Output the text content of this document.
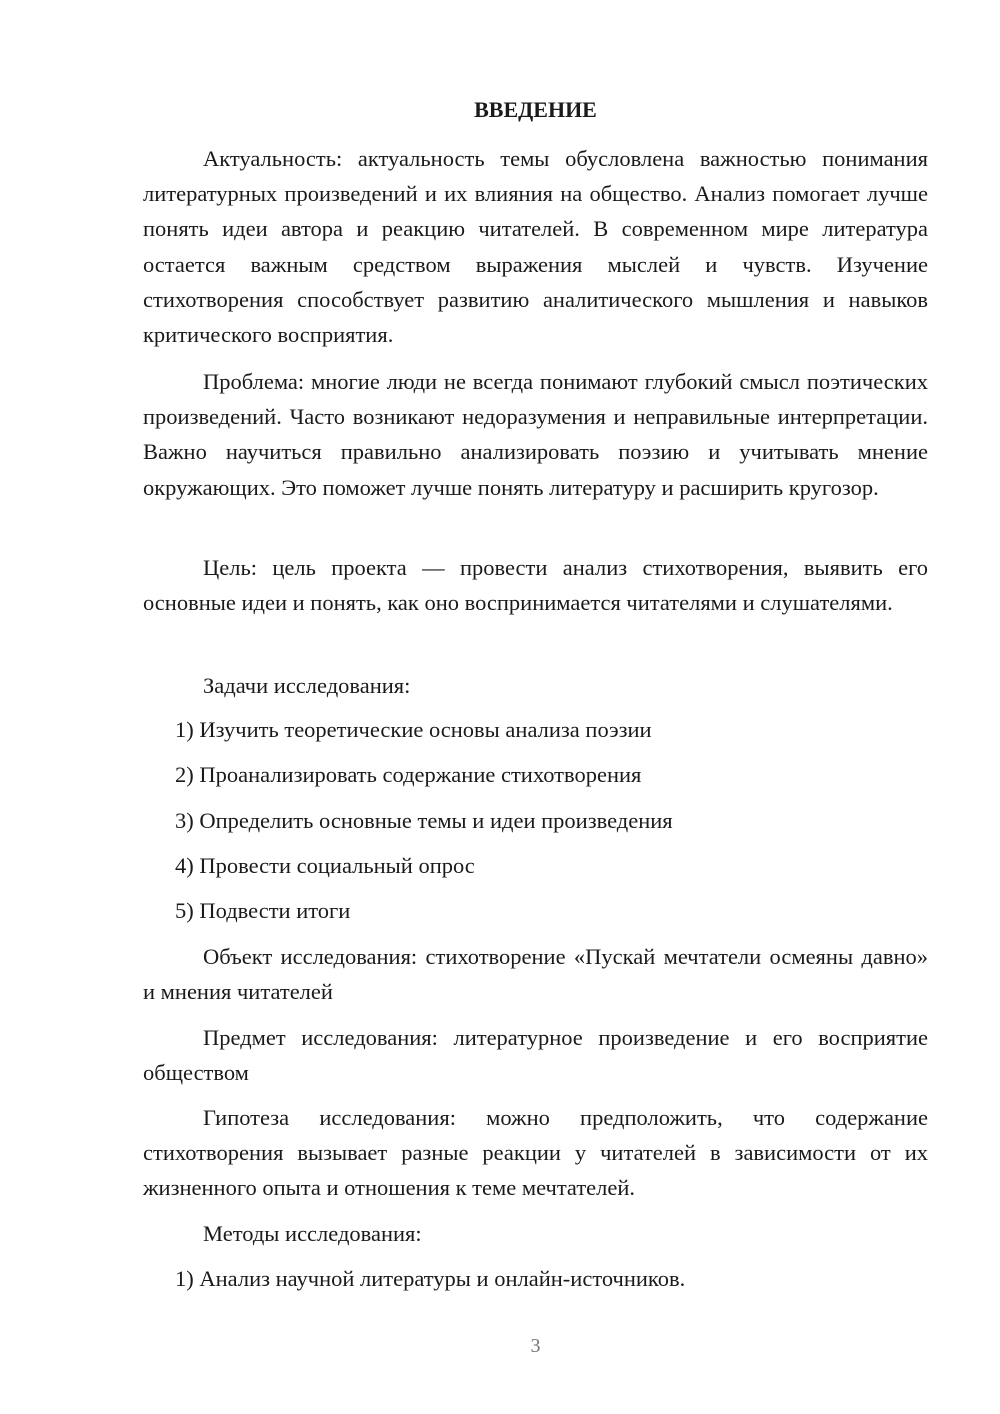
ВВЕДЕНИЕ

Актуальность: актуальность темы обусловлена важностью понимания литературных произведений и их влияния на общество. Анализ помогает лучше понять идеи автора и реакцию читателей. В современном мире литература остается важным средством выражения мыслей и чувств. Изучение стихотворения способствует развитию аналитического мышления и навыков критического восприятия.

Проблема: многие люди не всегда понимают глубокий смысл поэтических произведений. Часто возникают недоразумения и неправильные интерпретации. Важно научиться правильно анализировать поэзию и учитывать мнение окружающих. Это поможет лучше понять литературу и расширить кругозор.

Цель: цель проекта — провести анализ стихотворения, выявить его основные идеи и понять, как оно воспринимается читателями и слушателями.

Задачи исследования:

1) Изучить теоретические основы анализа поэзии

2) Проанализировать содержание стихотворения

3) Определить основные темы и идеи произведения

4) Провести социальный опрос

5) Подвести итоги

Объект исследования: стихотворение «Пускай мечтатели осмеяны давно» и мнения читателей

Предмет исследования: литературное произведение и его восприятие обществом

Гипотеза исследования: можно предположить, что содержание стихотворения вызывает разные реакции у читателей в зависимости от их жизненного опыта и отношения к теме мечтателей.

Методы исследования:

1) Анализ научной литературы и онлайн-источников.

3
